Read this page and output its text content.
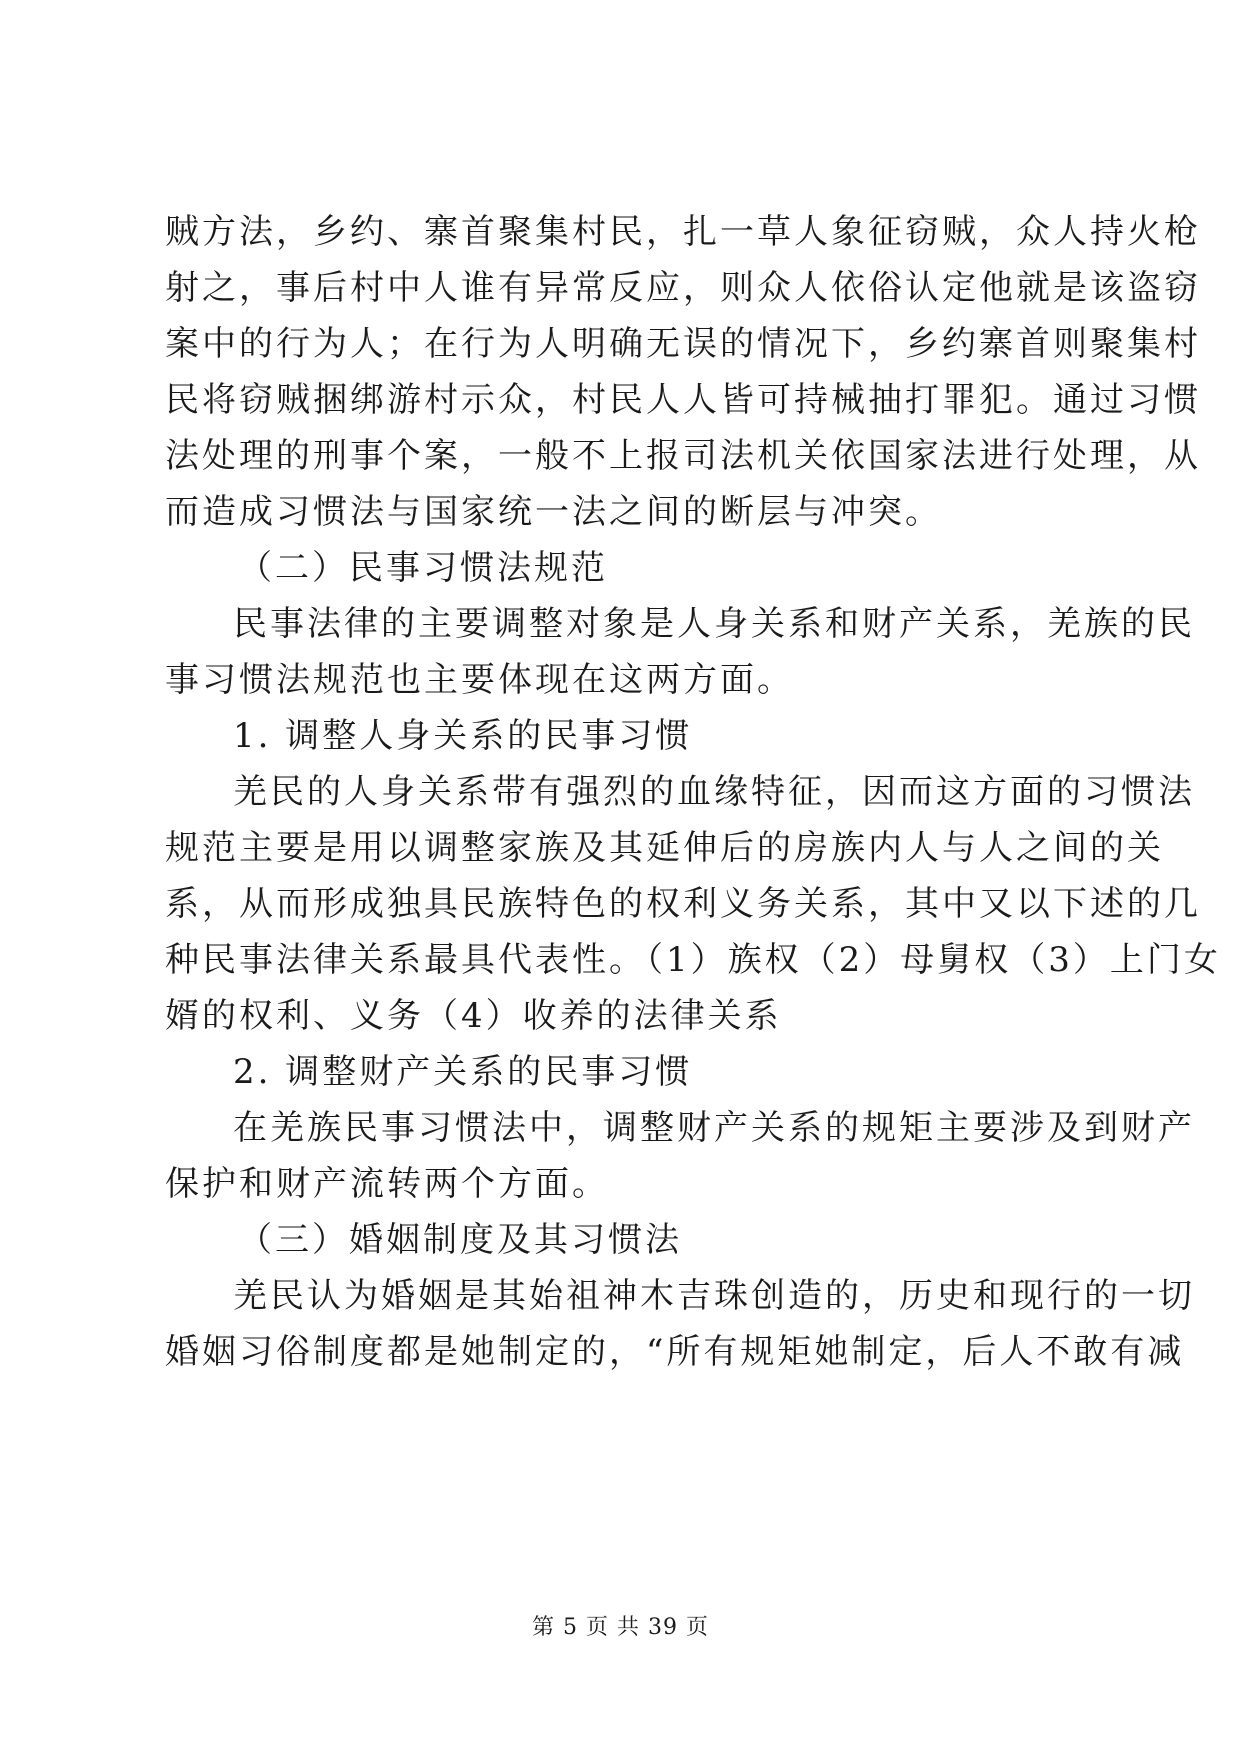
贼方法，乡约、寨首聚集村民，扎一草人象征窃贼，众人持火枪
射之，事后村中人谁有异常反应，则众人依俗认定他就是该盗窃
案中的行为人；在行为人明确无误的情况下，乡约寨首则聚集村
民将窃贼捆绑游村示众，村民人人皆可持械抽打罪犯。通过习惯
法处理的刑事个案，一般不上报司法机关依国家法进行处理，从
而造成习惯法与国家统一法之间的断层与冲突。
（二）民事习惯法规范
民事法律的主要调整对象是人身关系和财产关系，羌族的民
事习惯法规范也主要体现在这两方面。
1. 调整人身关系的民事习惯
羌民的人身关系带有强烈的血缘特征，因而这方面的习惯法
规范主要是用以调整家族及其延伸后的房族内人与人之间的关
系，从而形成独具民族特色的权利义务关系，其中又以下述的几
种民事法律关系最具代表性。（1）族权（2）母舅权（3）上门女
婿的权利、义务（4）收养的法律关系
2. 调整财产关系的民事习惯
在羌族民事习惯法中，调整财产关系的规矩主要涉及到财产
保护和财产流转两个方面。
（三）婚姻制度及其习惯法
羌民认为婚姻是其始祖神木吉珠创造的，历史和现行的一切
婚姻习俗制度都是她制定的，“所有规矩她制定，后人不敢有减
第 5 页 共 39 页
